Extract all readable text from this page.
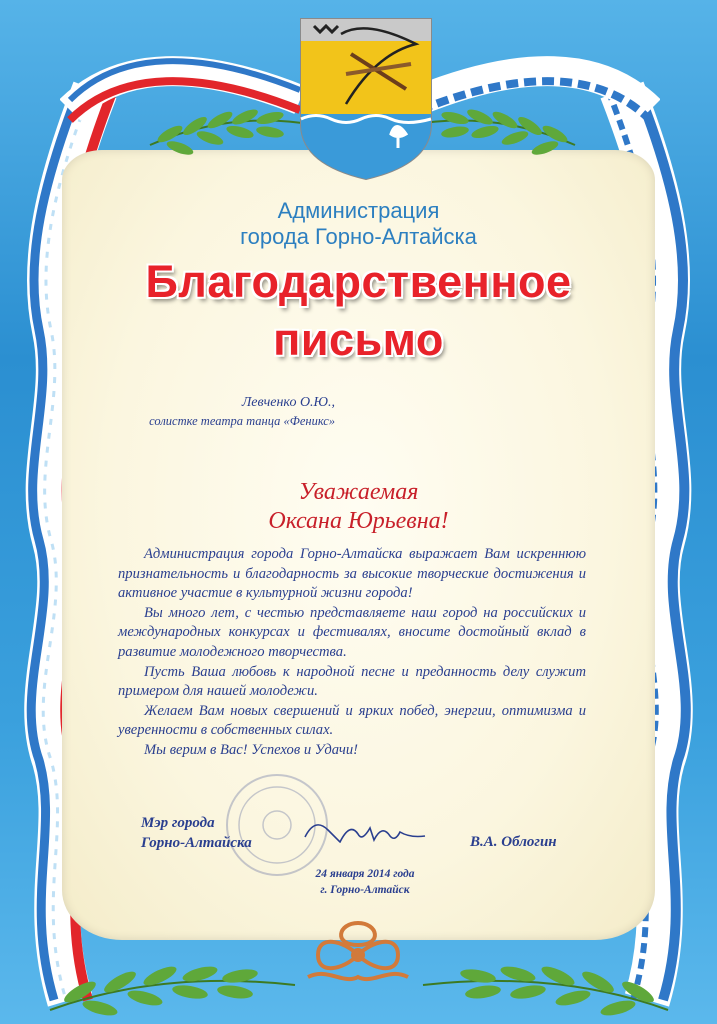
Администрация
города Горно-Алтайска
Благодарственное
письмо
Левченко О.Ю.,
солистке театра танца «Феникс»
Уважаемая
Оксана Юрьевна!

Администрация города Горно-Алтайска выражает Вам искреннюю признательность и благодарность за высокие творческие достижения и активное участие в культурной жизни города!

Вы много лет, с честью представляете наш город на российских и международных конкурсах и фестивалях, вносите достойный вклад в развитие молодежного творчества.

Пусть Ваша любовь к народной песне и преданность делу служит примером для нашей молодежи.

Желаем Вам новых свершений и ярких побед, энергии, оптимизма и уверенности в собственных силах.

Мы верим в Вас! Успехов и Удачи!

Мэр города
Горно-Алтайска	В.А. Облогин
24 января 2014 года
г. Горно-Алтайск
